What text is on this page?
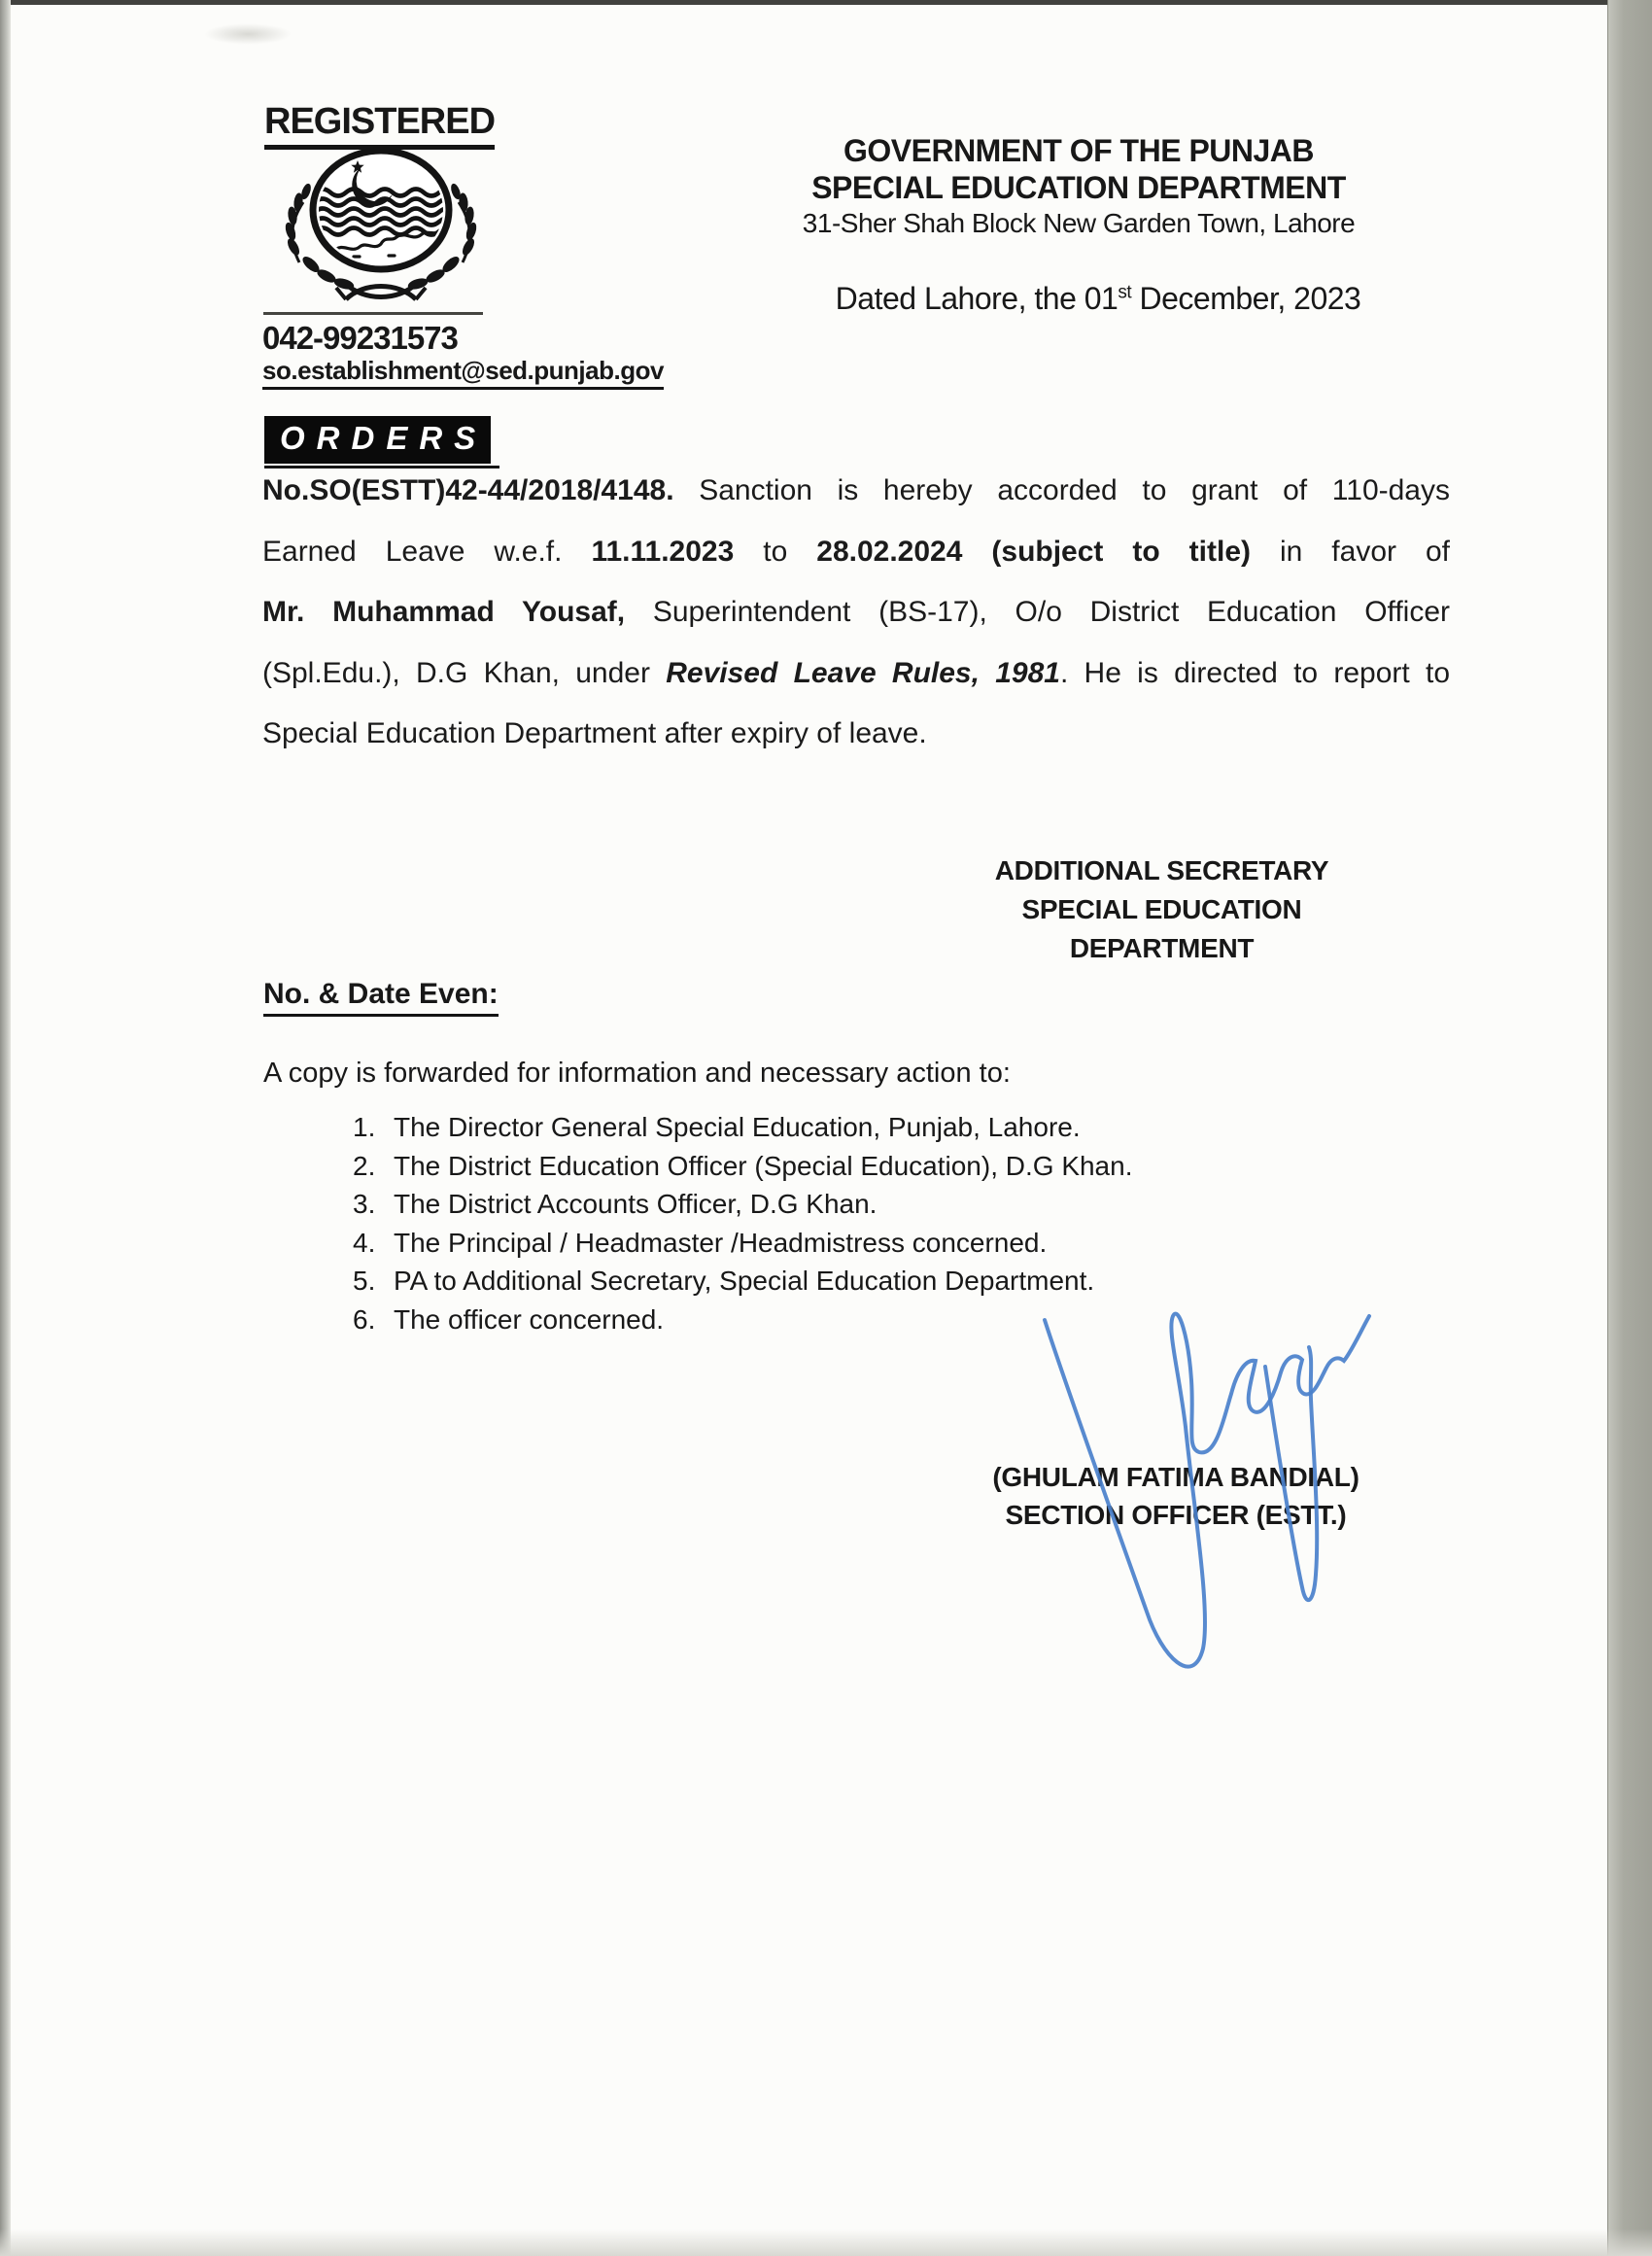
REGISTERED
042-99231573
so.establishment@sed.punjab.gov
GOVERNMENT OF THE PUNJAB
SPECIAL EDUCATION DEPARTMENT
31-Sher Shah Block New Garden Town, Lahore
Dated Lahore, the 01st December, 2023
ORDERS
No.SO(ESTT)42-44/2018/4148. Sanction is hereby accorded to grant of 110-days
Earned Leave w.e.f. 11.11.2023 to 28.02.2024 (subject to title) in favor of
Mr. Muhammad Yousaf, Superintendent (BS-17), O/o District Education Officer
(Spl.Edu.), D.G Khan, under Revised Leave Rules, 1981. He is directed to report to
Special Education Department after expiry of leave.
ADDITIONAL SECRETARY
SPECIAL EDUCATION
DEPARTMENT
No. & Date Even:
A copy is forwarded for information and necessary action to:
1. The Director General Special Education, Punjab, Lahore.
2. The District Education Officer (Special Education), D.G Khan.
3. The District Accounts Officer, D.G Khan.
4. The Principal / Headmaster /Headmistress concerned.
5. PA to Additional Secretary, Special Education Department.
6. The officer concerned.
(GHULAM FATIMA BANDIAL)
SECTION OFFICER (ESTT.)
